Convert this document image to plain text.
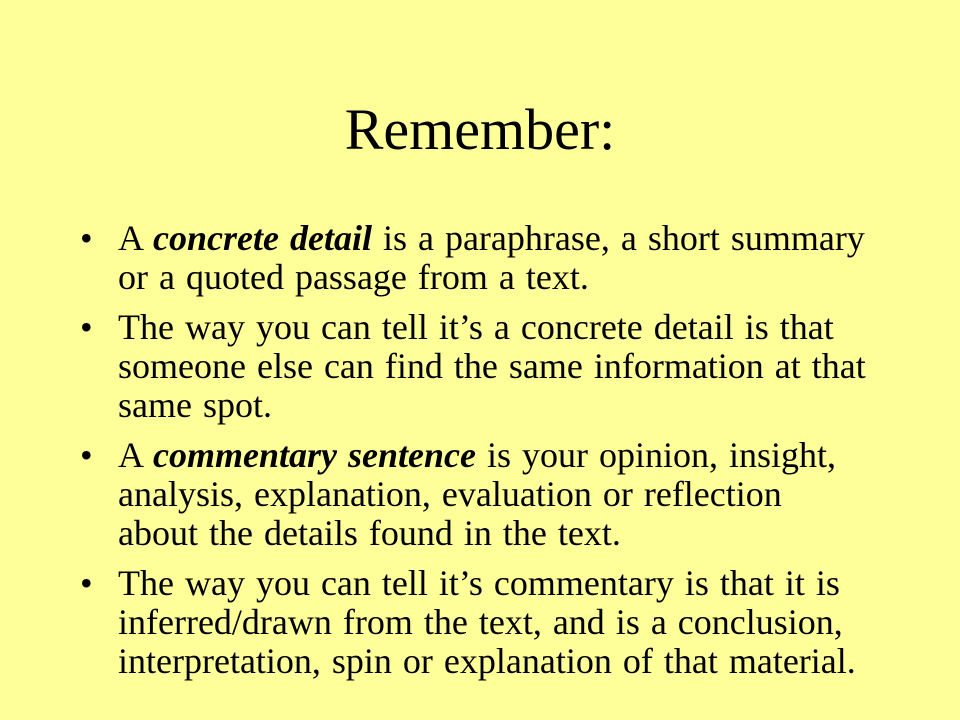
Remember:
• A concrete detail is a paraphrase, a short summary
or a quoted passage from a text.
• The way you can tell it’s a concrete detail is that
someone else can find the same information at that
same spot.
• A commentary sentence is your opinion, insight,
analysis, explanation, evaluation or reflection
about the details found in the text.
• The way you can tell it’s commentary is that it is
inferred/drawn from the text, and is a conclusion,
interpretation, spin or explanation of that material.
